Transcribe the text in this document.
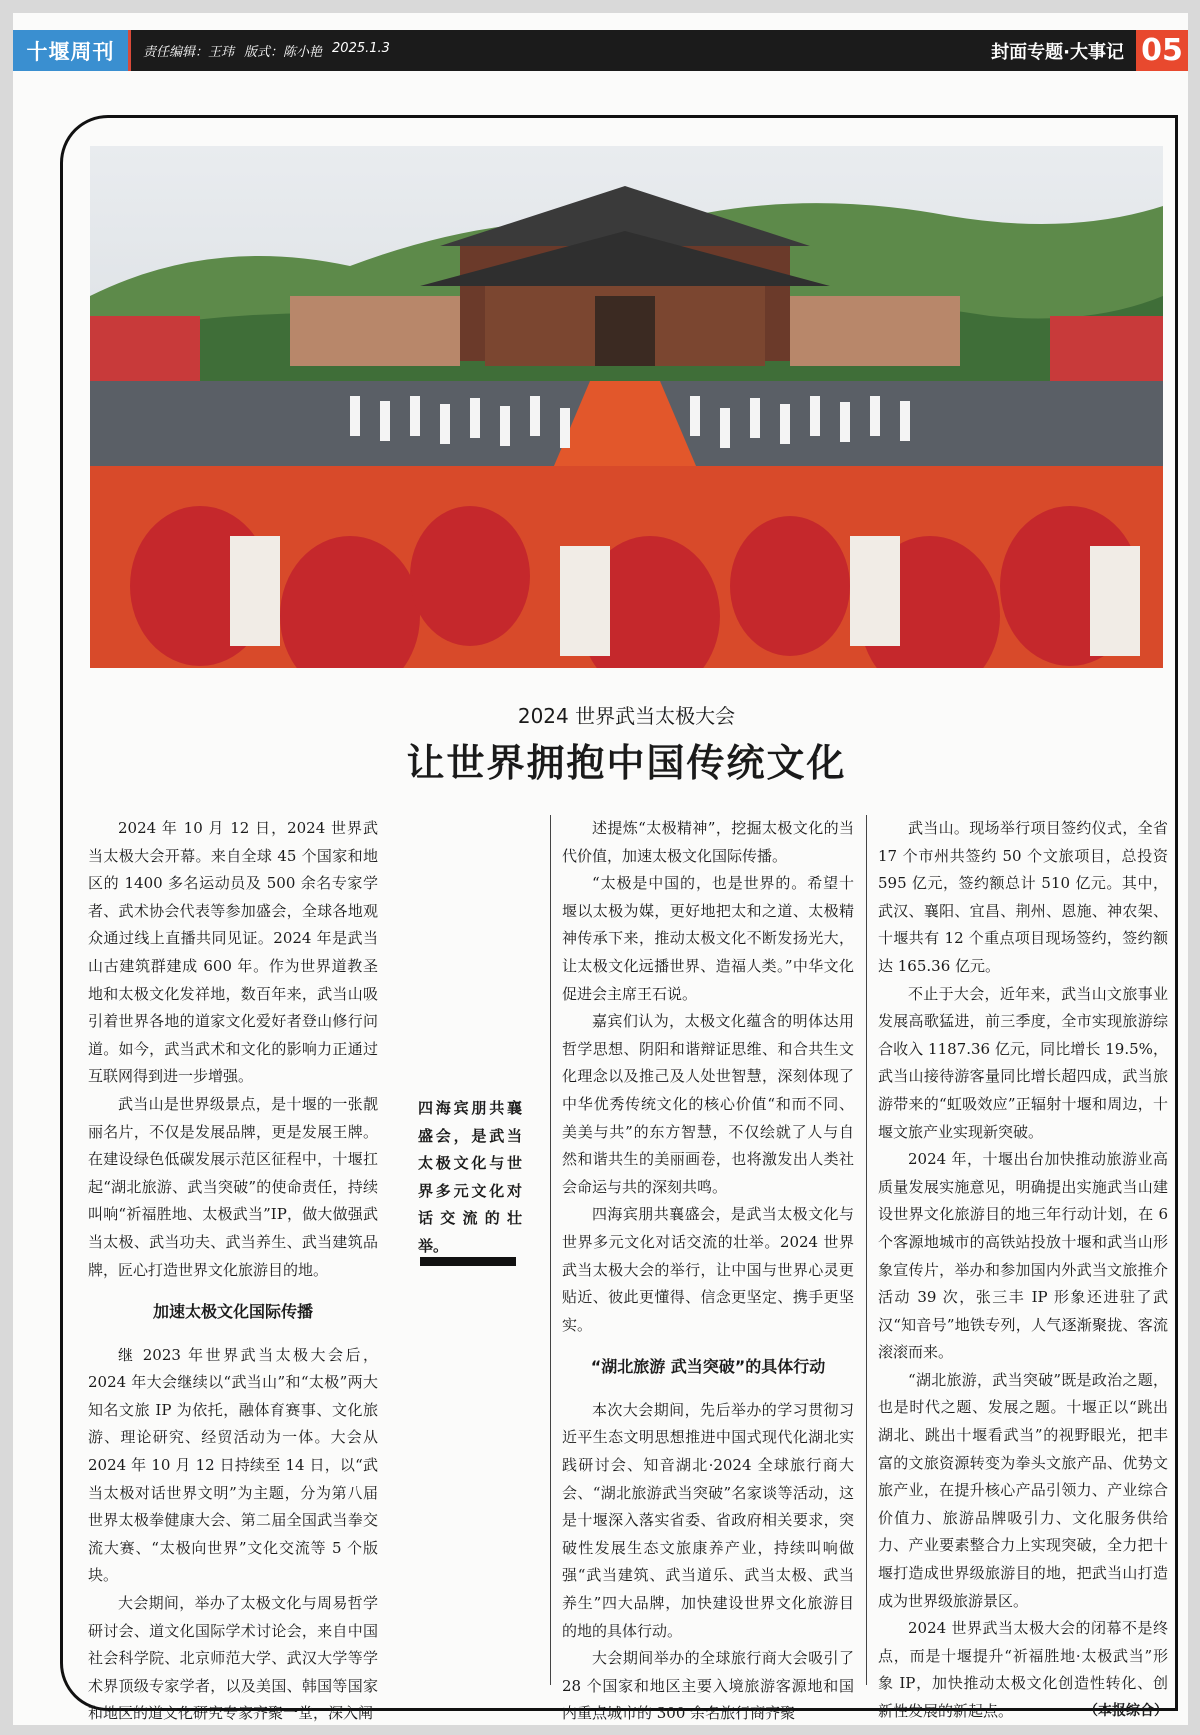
十堰周刊	责任编辑：王玮 版式：陈小艳 2025.1.3	封面专题·大事记 05
2024 世界武当太极大会
让世界拥抱中国传统文化

2024 年 10 月 12 日，2024 世界武当太极大会开幕。来自全球 45 个国家和地区的 1400 多名运动员及 500 余名专家学者、武术协会代表等参加盛会，全球各地观众通过线上直播共同见证。2024 年是武当山古建筑群建成 600 年。作为世界道教圣地和太极文化发祥地，数百年来，武当山吸引着世界各地的道家文化爱好者登山修行问道。如今，武当武术和文化的影响力正通过互联网得到进一步增强。

武当山是世界级景点，是十堰的一张靓丽名片，不仅是发展品牌，更是发展王牌。在建设绿色低碳发展示范区征程中，十堰扛起“湖北旅游、武当突破”的使命责任，持续叫响“祈福胜地、太极武当”IP，做大做强武当太极、武当功夫、武当养生、武当建筑品牌，匠心打造世界文化旅游目的地。

加速太极文化国际传播

继 2023 年世界武当太极大会后，2024 年大会继续以“武当山”和“太极”两大知名文旅 IP 为依托，融体育赛事、文化旅游、理论研究、经贸活动为一体。大会从 2024 年 10 月 12 日持续至 14 日，以“武当太极对话世界文明”为主题，分为第八届世界太极拳健康大会、第二届全国武当拳交流大赛、“太极向世界”文化交流等 5 个版块。

大会期间，举办了太极文化与周易哲学研讨会、道文化国际学术讨论会，来自中国社会科学院、北京师范大学、武汉大学等学术界顶级专家学者，以及美国、韩国等国家和地区的道文化研究专家齐聚一堂，深入阐

四海宾朋共襄盛会，是武当太极文化与世界多元文化对话交流的壮举。

述提炼“太极精神”，挖掘太极文化的当代价值，加速太极文化国际传播。

“太极是中国的，也是世界的。希望十堰以太极为媒，更好地把太和之道、太极精神传承下来，推动太极文化不断发扬光大，让太极文化远播世界、造福人类。”中华文化促进会主席王石说。

嘉宾们认为，太极文化蕴含的明体达用哲学思想、阴阳和谐辩证思维、和合共生文化理念以及推己及人处世智慧，深刻体现了中华优秀传统文化的核心价值“和而不同、美美与共”的东方智慧，不仅绘就了人与自然和谐共生的美丽画卷，也将激发出人类社会命运与共的深刻共鸣。

四海宾朋共襄盛会，是武当太极文化与世界多元文化对话交流的壮举。2024 世界武当太极大会的举行，让中国与世界心灵更贴近、彼此更懂得、信念更坚定、携手更坚实。

“湖北旅游 武当突破”的具体行动

本次大会期间，先后举办的学习贯彻习近平生态文明思想推进中国式现代化湖北实践研讨会、知音湖北·2024 全球旅行商大会、“湖北旅游武当突破”名家谈等活动，这是十堰深入落实省委、省政府相关要求，突破性发展生态文旅康养产业，持续叫响做强“武当建筑、武当道乐、武当太极、武当养生”四大品牌，加快建设世界文化旅游目的地的具体行动。

大会期间举办的全球旅行商大会吸引了 28 个国家和地区主要入境旅游客源地和国内重点城市的 300 余名旅行商齐聚

武当山。现场举行项目签约仪式，全省 17 个市州共签约 50 个文旅项目，总投资 595 亿元，签约额总计 510 亿元。其中，武汉、襄阳、宜昌、荆州、恩施、神农架、十堰共有 12 个重点项目现场签约，签约额达 165.36 亿元。

不止于大会，近年来，武当山文旅事业发展高歌猛进，前三季度，全市实现旅游综合收入 1187.36 亿元，同比增长 19.5%，武当山接待游客量同比增长超四成，武当旅游带来的“虹吸效应”正辐射十堰和周边，十堰文旅产业实现新突破。

2024 年，十堰出台加快推动旅游业高质量发展实施意见，明确提出实施武当山建设世界文化旅游目的地三年行动计划，在 6 个客源地城市的高铁站投放十堰和武当山形象宣传片，举办和参加国内外武当文旅推介活动 39 次，张三丰 IP 形象还进驻了武汉“知音号”地铁专列，人气逐渐聚拢、客流滚滚而来。

“湖北旅游，武当突破”既是政治之题，也是时代之题、发展之题。十堰正以“跳出湖北、跳出十堰看武当”的视野眼光，把丰富的文旅资源转变为拳头文旅产品、优势文旅产业，在提升核心产品引领力、产业综合价值力、旅游品牌吸引力、文化服务供给力、产业要素整合力上实现突破，全力把十堰打造成世界级旅游目的地，把武当山打造成为世界级旅游景区。

2024 世界武当太极大会的闭幕不是终点，而是十堰提升“祈福胜地·太极武当”形象 IP，加快推动太极文化创造性转化、创新性发展的新起点。	（本报综合）
